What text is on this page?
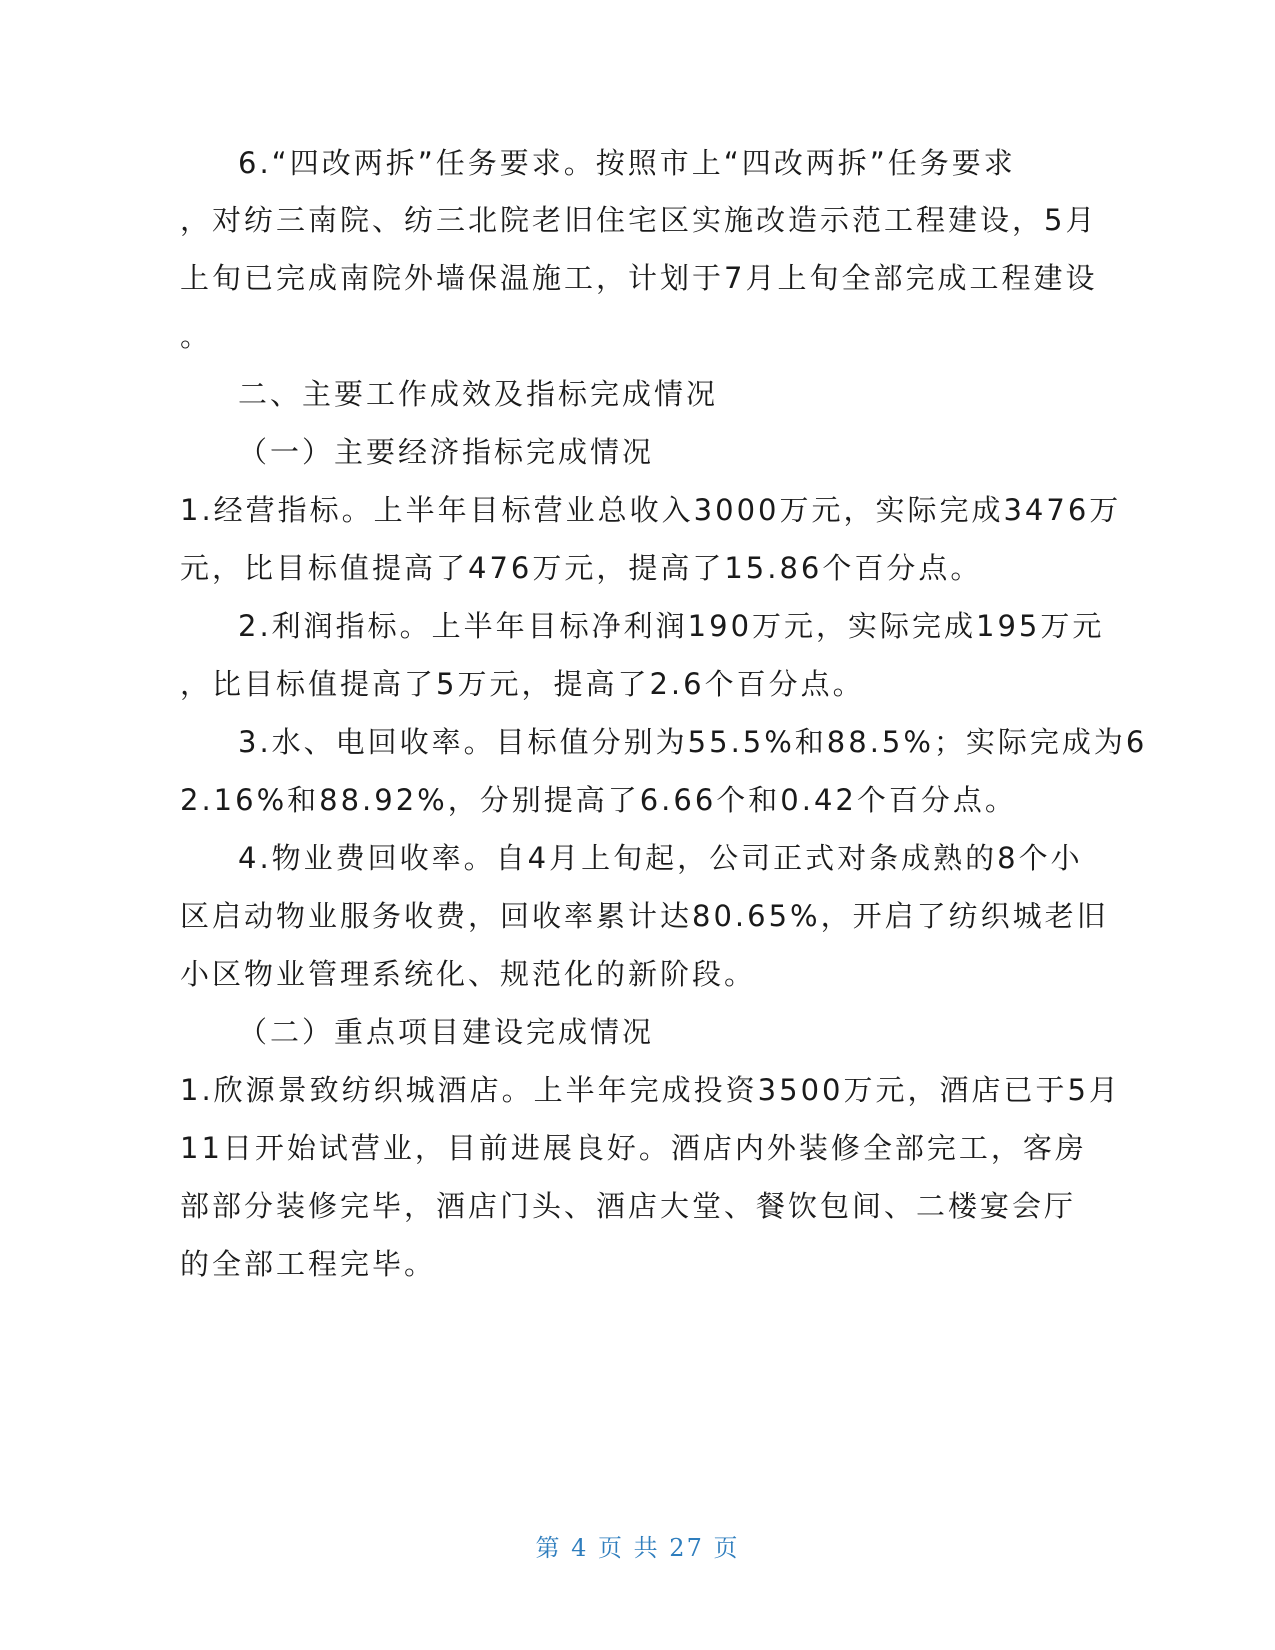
6.“四改两拆”任务要求。按照市上“四改两拆”任务要求
，对纺三南院、纺三北院老旧住宅区实施改造示范工程建设，5月
上旬已完成南院外墙保温施工，计划于7月上旬全部完成工程建设
。
二、主要工作成效及指标完成情况
（一）主要经济指标完成情况
1.经营指标。上半年目标营业总收入3000万元，实际完成3476万
元，比目标值提高了476万元，提高了15.86个百分点。
2.利润指标。上半年目标净利润190万元，实际完成195万元
，比目标值提高了5万元，提高了2.6个百分点。
3.水、电回收率。目标值分别为55.5%和88.5%；实际完成为6
2.16%和88.92%，分别提高了6.66个和0.42个百分点。
4.物业费回收率。自4月上旬起，公司正式对条成熟的8个小
区启动物业服务收费，回收率累计达80.65%，开启了纺织城老旧
小区物业管理系统化、规范化的新阶段。
（二）重点项目建设完成情况
1.欣源景致纺织城酒店。上半年完成投资3500万元，酒店已于5月
11日开始试营业，目前进展良好。酒店内外装修全部完工，客房
部部分装修完毕，酒店门头、酒店大堂、餐饮包间、二楼宴会厅
的全部工程完毕。
第 4 页 共 27 页
